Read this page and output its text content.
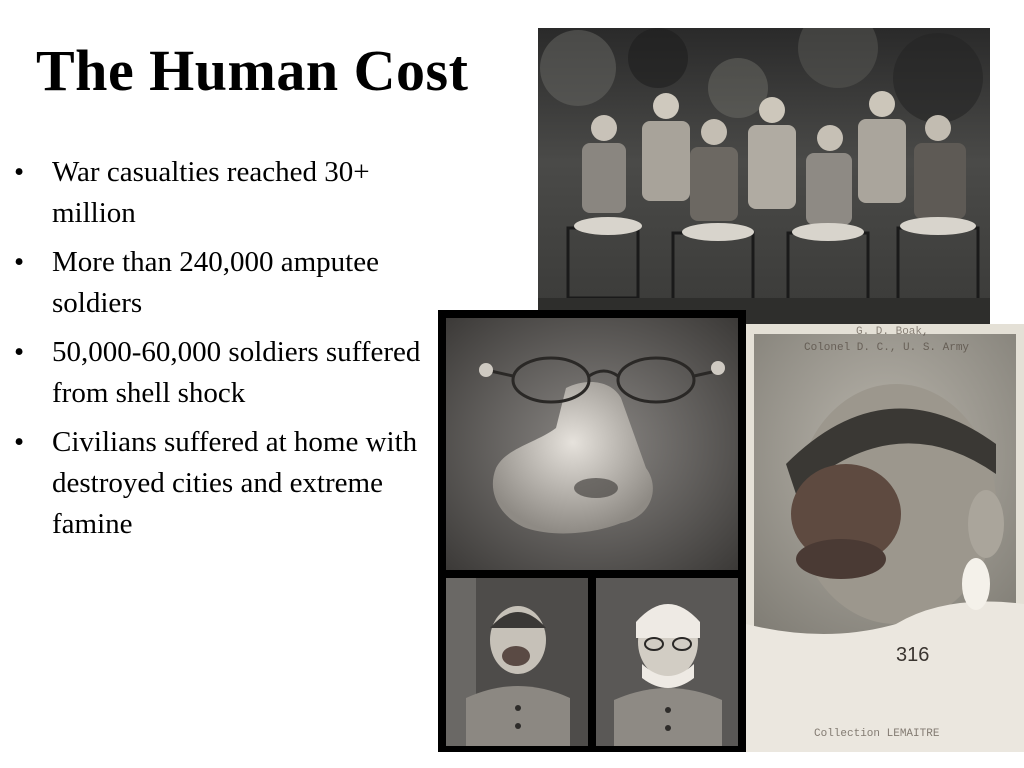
The Human Cost
• War casualties reached 30+ million
• More than 240,000 amputee soldiers
• 50,000-60,000 soldiers suffered from shell shock
• Civilians suffered at home with destroyed cities and extreme famine
G. D. Boak,
Colonel D. C., U. S. Army
316
Collection LEMAITRE
